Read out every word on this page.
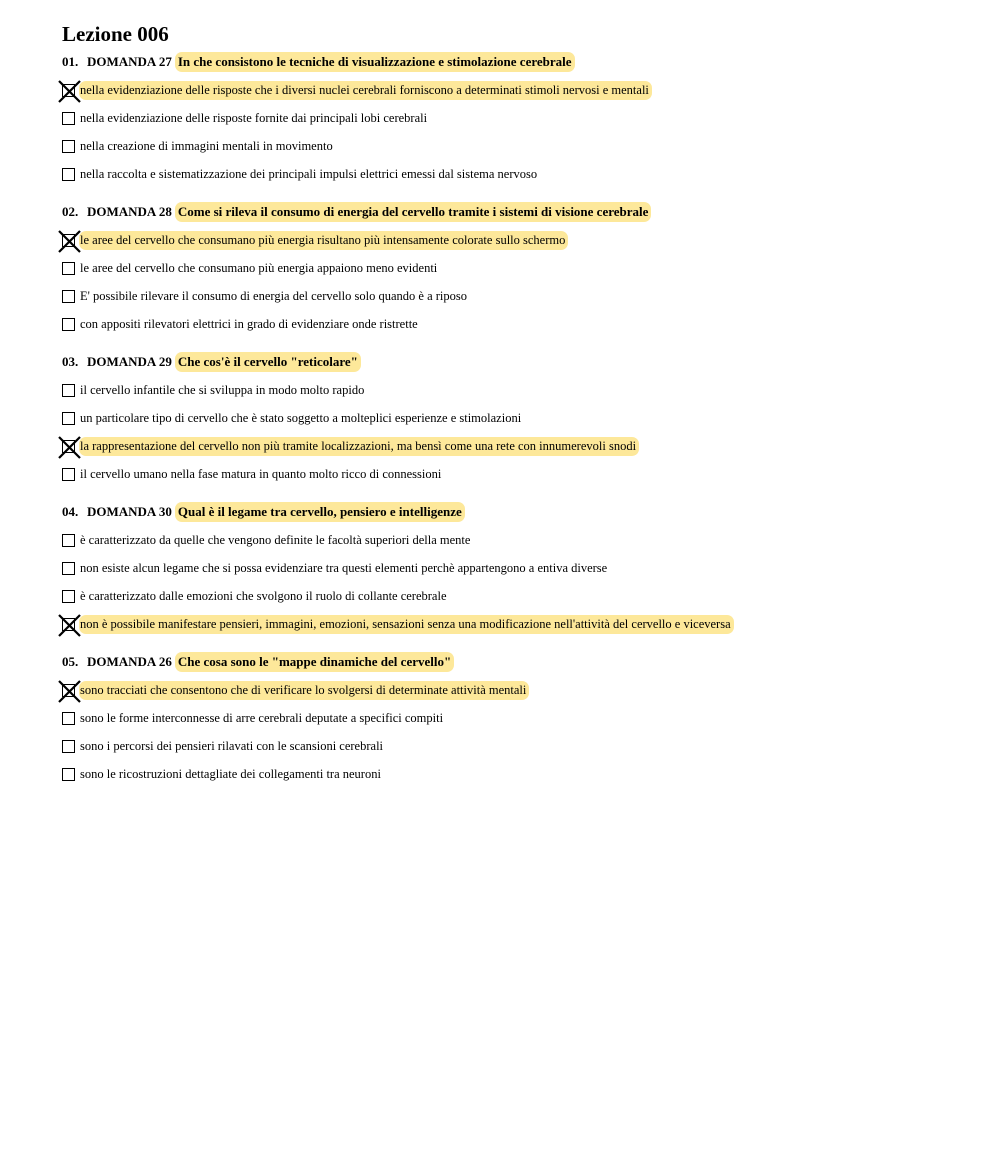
Lezione 006
01. DOMANDA 27 In che consistono le tecniche di visualizzazione e stimolazione cerebrale
nella evidenziazione delle risposte che i diversi nuclei cerebrali forniscono a determinati stimoli nervosi e mentali
nella evidenziazione delle risposte fornite dai principali lobi cerebrali
nella creazione di immagini mentali in movimento
nella raccolta e sistematizzazione dei principali impulsi elettrici emessi dal sistema nervoso
02. DOMANDA 28 Come si rileva il consumo di energia del cervello tramite i sistemi di visione cerebrale
le aree del cervello che consumano più energia risultano più intensamente colorate sullo schermo
le aree del cervello che consumano più energia appaiono meno evidenti
E' possibile rilevare il consumo di energia del cervello solo quando è a riposo
con appositi rilevatori elettrici in grado di evidenziare onde ristrette
03. DOMANDA 29 Che cos'è il cervello "reticolare"
il cervello infantile che si sviluppa in modo molto rapido
un particolare tipo di cervello che è stato soggetto a molteplici esperienze e stimolazioni
la rappresentazione del cervello non più tramite localizzazioni, ma bensì come una rete con innumerevoli snodi
il cervello umano nella fase matura in quanto molto ricco di connessioni
04. DOMANDA 30 Qual è il legame tra cervello, pensiero e intelligenze
è caratterizzato da quelle che vengono definite le facoltà superiori della mente
non esiste alcun legame che si possa evidenziare tra questi elementi perchè appartengono a entiva diverse
è caratterizzato dalle emozioni che svolgono il ruolo di collante cerebrale
non è possibile manifestare pensieri, immagini, emozioni, sensazioni senza una modificazione nell'attività del cervello e viceversa
05. DOMANDA 26 Che cosa sono le "mappe dinamiche del cervello"
sono tracciati che consentono che di verificare lo svolgersi di determinate attività mentali
sono le forme interconnesse di arre cerebrali deputate a specifici compiti
sono i percorsi dei pensieri rilavati con le scansioni cerebrali
sono le ricostruzioni dettagliate dei collegamenti tra neuroni
